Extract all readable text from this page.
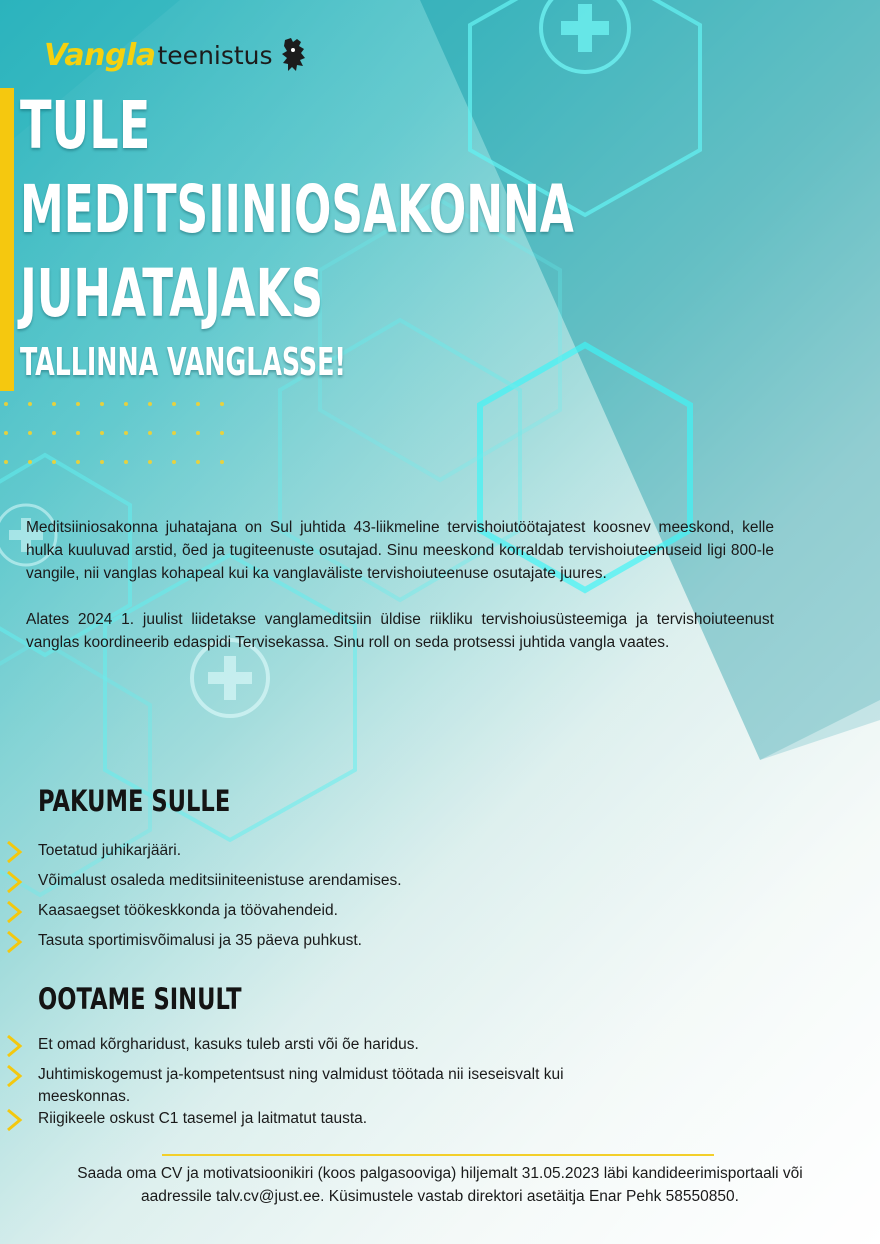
Vangla teenistus
TULE
MEDITSIINIOSAKONNA
JUHATAJAKS
TALLINNA VANGLASSE!

Meditsiiniosakonna juhatajana on Sul juhtida 43-liikmeline tervishoiutöötajatest koosnev meeskond, kelle hulka kuuluvad arstid, õed ja tugiteenuste osutajad. Sinu meeskond korraldab tervishoiuteenuseid ligi 800-le vangile, nii vanglas kohapeal kui ka vanglaväliste tervishoiuteenuse osutajate juures.

Alates 2024 1. juulist liidetakse vanglameditsiin üldise riikliku tervishoiusüsteemiga ja tervishoiuteenust vanglas koordineerib edaspidi Tervisekassa. Sinu roll on seda protsessi juhtida vangla vaates.

PAKUME SULLE
Toetatud juhikarjääri.
Võimalust osaleda meditsiiniteenistuse arendamises.
Kaasaegset töökeskkonda ja töövahendeid.
Tasuta sportimisvõimalusi ja 35 päeva puhkust.
OOTAME SINULT
Et omad kõrgharidust, kasuks tuleb arsti või õe haridus.
Juhtimiskogemust ja-kompetentsust ning valmidust töötada nii iseseisvalt kui meeskonnas.
Riigikeele oskust C1 tasemel ja laitmatut tausta.
Saada oma CV ja motivatsioonikiri (koos palgasooviga) hiljemalt 31.05.2023 läbi kandideerimisportaali või aadressile talv.cv@just.ee. Küsimustele vastab direktori asetäitja Enar Pehk 58550850.
